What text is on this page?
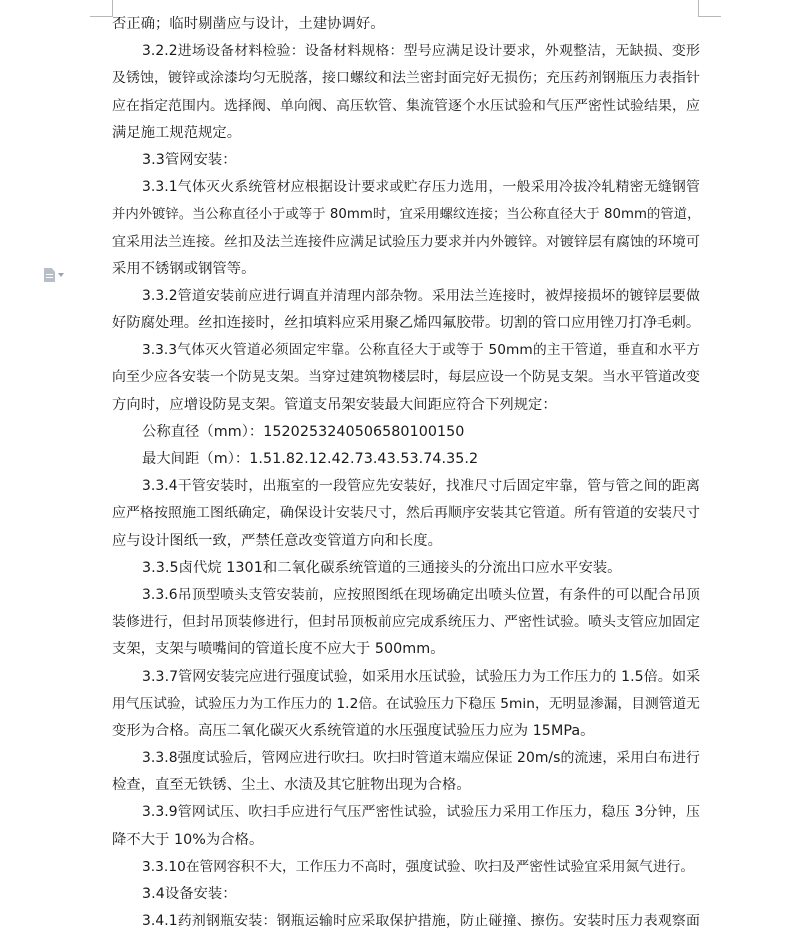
否正确；临时剔凿应与设计，土建协调好。
3.2.2进场设备材料检验：设备材料规格：型号应满足设计要求，外观整洁，无缺损、变形
及锈蚀，镀锌或涂漆均匀无脱落，接口螺纹和法兰密封面完好无损伤；充压药剂钢瓶压力表指针
应在指定范围内。选择阀、单向阀、高压软管、集流管逐个水压试验和气压严密性试验结果，应
满足施工规范规定。
3.3管网安装：
3.3.1气体灭火系统管材应根据设计要求或贮存压力选用，一般采用冷拔冷轧精密无缝钢管
并内外镀锌。当公称直径小于或等于 80mm时，宜采用螺纹连接；当公称直径大于 80mm的管道，
宜采用法兰连接。丝扣及法兰连接件应满足试验压力要求并内外镀锌。对镀锌层有腐蚀的环境可
采用不锈钢或钢管等。
3.3.2管道安装前应进行调直并清理内部杂物。采用法兰连接时，被焊接损坏的镀锌层要做
好防腐处理。丝扣连接时，丝扣填料应采用聚乙烯四氟胶带。切割的管口应用锉刀打净毛刺。
3.3.3气体灭火管道必须固定牢靠。公称直径大于或等于 50mm的主干管道，垂直和水平方
向至少应各安装一个防晃支架。当穿过建筑物楼层时，每层应设一个防晃支架。当水平管道改变
方向时，应增设防晃支架。管道支吊架安装最大间距应符合下列规定：
公称直径（mm）：152025324050658010015​0
最大间距（m）：1.51.82.12.42.73.43.53.74.35.2
3.3.4干管安装时，出瓶室的一段管应先安装好，找准尺寸后固定牢靠，管与管之间的距离
应严格按照施工图纸确定，确保设计安装尺寸，然后再顺序安装其它管道。所有管道的安装尺寸
应与设计图纸一致，严禁任意改变管道方向和长度。
3.3.5卤代烷 1301和二氧化碳系统管道的三通接头的分流出口应水平安装。
3.3.6吊顶型喷头支管安装前，应按照图纸在现场确定出喷头位置，有条件的可以配合吊顶
装修进行，但封吊顶装修进行，但封吊顶板前应完成系统压力、严密性试验。喷头支管应加固定
支架，支架与喷嘴间的管道长度不应大于 500mm。
3.3.7管网安装完应进行强度试验，如采用水压试验，试验压力为工作压力的 1.5倍。如采
用气压试验，试验压力为工作压力的 1.2倍。在试验压力下稳压 5min，无明显渗漏，目测管道无
变形为合格。高压二氧化碳灭火系统管道的水压强度试验压力应为 15MPa。
3.3.8强度试验后，管网应进行吹扫。吹扫时管道末端应保证 20m/s的流速，采用白布进行
检查，直至无铁锈、尘土、水渍及其它脏物出现为合格。
3.3.9管网试压、吹扫手应进行气压严密性试验，试验压力采用工作压力，稳压 3分钟，压
降不大于 10%为合格。
3.3.10在管网容积不大，工作压力不高时，强度试验、吹扫及严密性试验宜采用氮气进行。
3.4设备安装：
3.4.1药剂钢瓶安装：钢瓶运输时应采取保护措施，防止碰撞、擦伤。安装时压力表观察面
